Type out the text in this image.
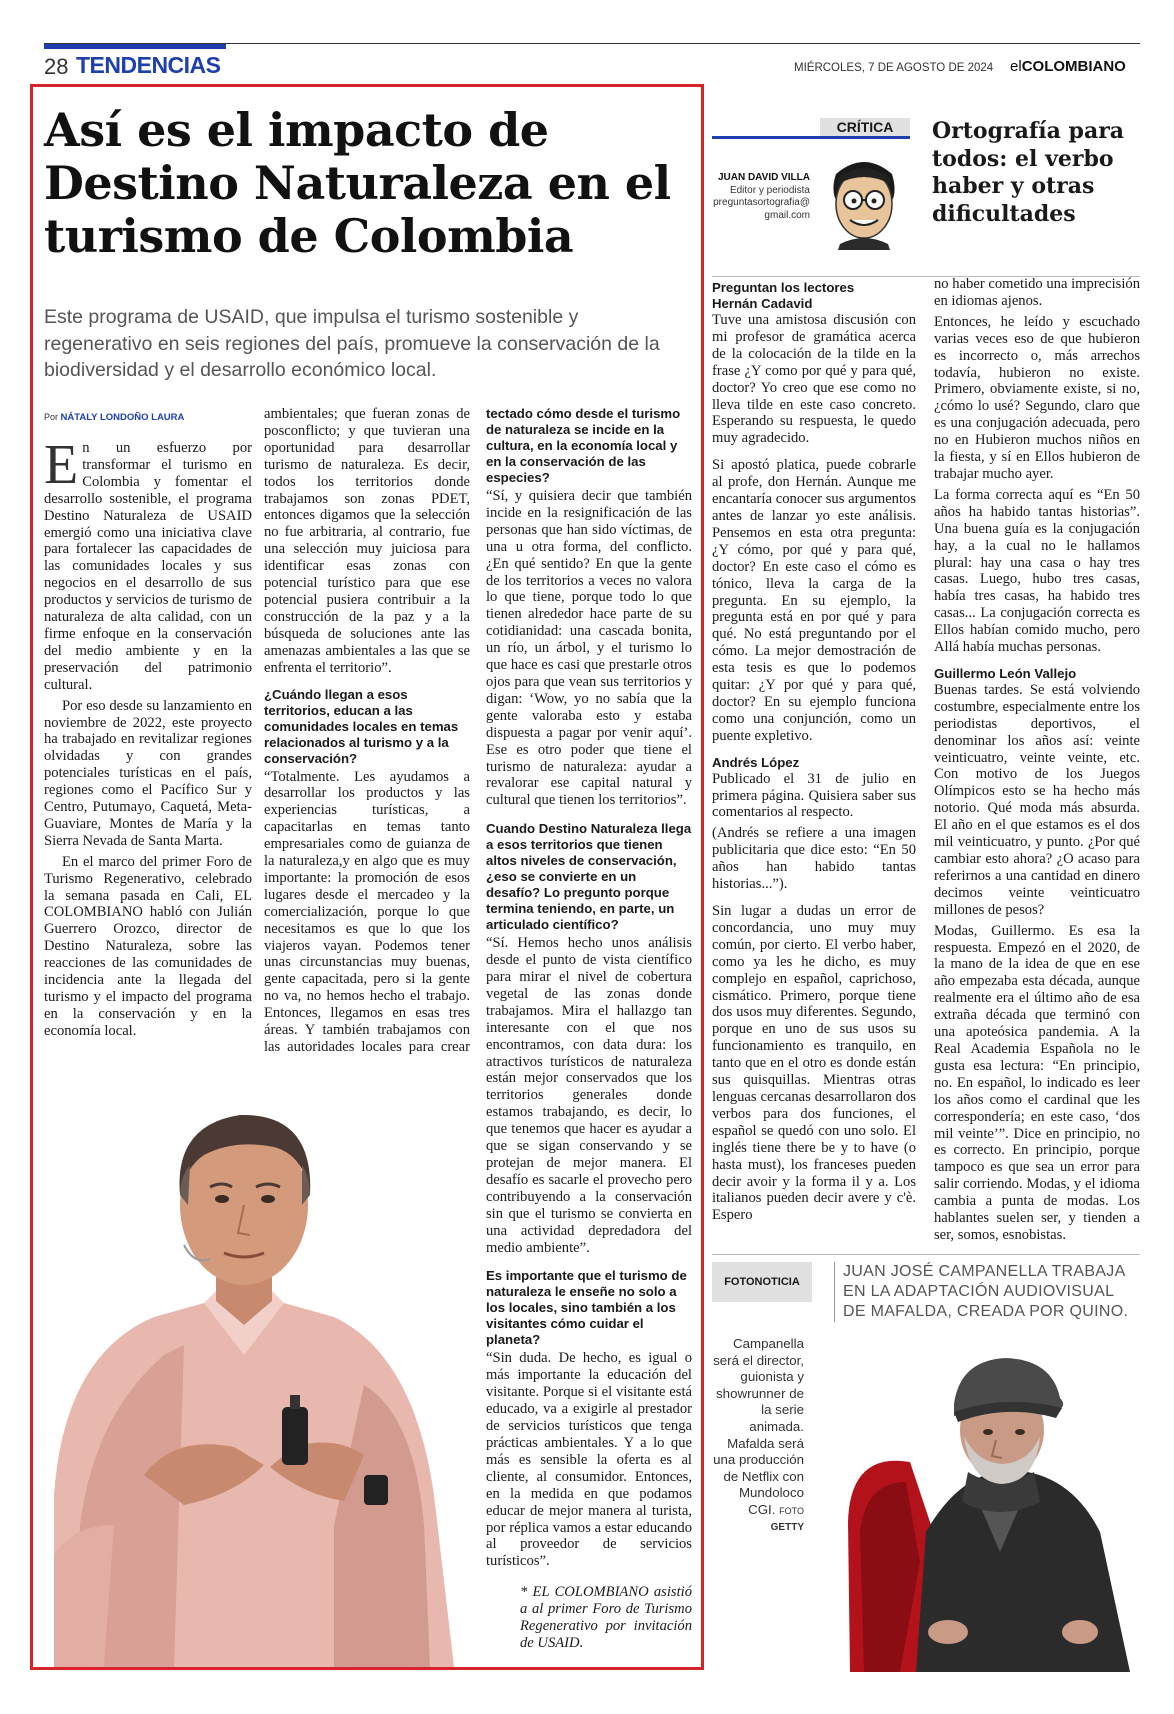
28 TENDENCIAS	MIÉRCOLES, 7 DE AGOSTO DE 2024 elCOLOMBIANO
Así es el impacto de Destino Naturaleza en el turismo de Colombia

Este programa de USAID, que impulsa el turismo sostenible y regenerativo en seis regiones del país, promueve la conservación de la biodiversidad y el desarrollo económico local.

Por NÁTALY LONDOÑO LAURA

En un esfuerzo por transformar el turismo en Colombia y fomentar el desarrollo sostenible, el programa Destino Naturaleza de USAID emergió como una iniciativa clave para fortalecer las capacidades de las comunidades locales y sus negocios en el desarrollo de sus productos y servicios de turismo de naturaleza de alta calidad, con un firme enfoque en la conservación del medio ambiente y en la preservación del patrimonio cultural.

Por eso desde su lanzamiento en noviembre de 2022, este proyecto ha trabajado en revitalizar regiones olvidadas y con grandes potenciales turísticas en el país, regiones como el Pacífico Sur y Centro, Putumayo, Caquetá, Meta-Guaviare, Montes de María y la Sierra Nevada de Santa Marta.

En el marco del primer Foro de Turismo Regenerativo, celebrado la semana pasada en Cali, EL COLOMBIANO habló con Julián Guerrero Orozco, director de Destino Naturaleza, sobre las reacciones de las comunidades de incidencia ante la llegada del turismo y el impacto del programa en la conservación y en la economía local.

ambientales; que fueran zonas de posconflicto; y que tuvieran una oportunidad para desarrollar turismo de naturaleza. Es decir, todos los territorios donde trabajamos son zonas PDET, entonces digamos que la selección no fue arbitraria, al contrario, fue una selección muy juiciosa para identificar esas zonas con potencial turístico para que ese potencial pusiera contribuir a la construcción de la paz y a la búsqueda de soluciones ante las amenazas ambientales a las que se enfrenta el territorio”.

¿Cuándo llegan a esos territorios, educan a las comunidades locales en temas relacionados al turismo y a la conservación?

“Totalmente. Les ayudamos a desarrollar los productos y las experiencias turísticas, a capacitarlas en temas tanto empresariales como de guianza de la naturaleza,y en algo que es muy importante: la promoción de esos lugares desde el mercadeo y la comercialización, porque lo que necesitamos es que lo que los viajeros vayan. Podemos tener unas circunstancias muy buenas, gente capacitada, pero si la gente no va, no hemos hecho el trabajo. Entonces, llegamos en esas tres áreas. Y también trabajamos con las autoridades locales para crear

tectado cómo desde el turismo de naturaleza se incide en la cultura, en la economía local y en la conservación de las especies?

“Sí, y quisiera decir que también incide en la resignificación de las personas que han sido víctimas, de una u otra forma, del conflicto. ¿En qué sentido? En que la gente de los territorios a veces no valora lo que tiene, porque todo lo que tienen alrededor hace parte de su cotidianidad: una cascada bonita, un río, un árbol, y el turismo lo que hace es casi que prestarle otros ojos para que vean sus territorios y digan: ‘Wow, yo no sabía que la gente valoraba esto y estaba dispuesta a pagar por venir aquí’. Ese es otro poder que tiene el turismo de naturaleza: ayudar a revalorar ese capital natural y cultural que tienen los territorios”.

Cuando Destino Naturaleza llega a esos territorios que tienen altos niveles de conservación, ¿eso se convierte en un desafío? Lo pregunto porque termina teniendo, en parte, un articulado científico?

“Sí. Hemos hecho unos análisis desde el punto de vista científico para mirar el nivel de cobertura vegetal de las zonas donde trabajamos. Mira el hallazgo tan interesante con el que nos encontramos, con data dura: los atractivos turísticos de naturaleza están mejor conservados que los territorios generales donde estamos trabajando, es decir, lo que tenemos que hacer es ayudar a que se sigan conservando y se protejan de mejor manera. El desafío es sacarle el provecho pero contribuyendo a la conservación sin que el turismo se convierta en una actividad depredadora del medio ambiente”.

Es importante que el turismo de naturaleza le enseñe no solo a los locales, sino también a los visitantes cómo cuidar el planeta?

“Sin duda. De hecho, es igual o más importante la educación del visitante. Porque si el visitante está educado, va a exigirle al prestador de servicios turísticos que tenga prácticas ambientales. Y a lo que más es sensible la oferta es al cliente, al consumidor. Entonces, en la medida en que podamos educar de mejor manera al turista, por réplica vamos a estar educando al proveedor de servicios turísticos”.

* EL COLOMBIANO asistió a al primer Foro de Turismo Regenerativo por invitación de USAID.

CRÍTICA
JUAN DAVID VILLA
Editor y periodista
preguntasortografia@gmail.com
Ortografía para todos: el verbo haber y otras dificultades
Preguntan los lectores
Hernán Cadavid

Tuve una amistosa discusión con mi profesor de gramática acerca de la colocación de la tilde en la frase ¿Y como por qué y para qué, doctor? Yo creo que ese como no lleva tilde en este caso concreto. Esperando su respuesta, le quedo muy agradecido.

Si apostó platica, puede cobrarle al profe, don Hernán. Aunque me encantaría conocer sus argumentos antes de lanzar yo este análisis. Pensemos en esta otra pregunta: ¿Y cómo, por qué y para qué, doctor? En este caso el cómo es tónico, lleva la carga de la pregunta. En su ejemplo, la pregunta está en por qué y para qué. No está preguntando por el cómo. La mejor demostración de esta tesis es que lo podemos quitar: ¿Y por qué y para qué, doctor? En su ejemplo funciona como una conjunción, como un puente expletivo.

Andrés López

Publicado el 31 de julio en primera página. Quisiera saber sus comentarios al respecto.

(Andrés se refiere a una imagen publicitaria que dice esto: “En 50 años han habido tantas historias...”).

Sin lugar a dudas un error de concordancia, uno muy muy común, por cierto. El verbo haber, como ya les he dicho, es muy complejo en español, caprichoso, cismático. Primero, porque tiene dos usos muy diferentes. Segundo, porque en uno de sus usos su funcionamiento es tranquilo, en tanto que en el otro es donde están sus quisquillas. Mientras otras lenguas cercanas desarrollaron dos verbos para dos funciones, el español se quedó con uno solo. El inglés tiene there be y to have (o hasta must), los franceses pueden decir avoir y la forma il y a. Los italianos pueden decir avere y c'è. Espero

no haber cometido una imprecisión en idiomas ajenos.

Entonces, he leído y escuchado varias veces eso de que hubieron es incorrecto o, más arrechos todavía, hubieron no existe. Primero, obviamente existe, si no, ¿cómo lo usé? Segundo, claro que es una conjugación adecuada, pero no en Hubieron muchos niños en la fiesta, y sí en Ellos hubieron de trabajar mucho ayer.

La forma correcta aquí es “En 50 años ha habido tantas historias”. Una buena guía es la conjugación hay, a la cual no le hallamos plural: hay una casa o hay tres casas. Luego, hubo tres casas, había tres casas, ha habido tres casas... La conjugación correcta es Ellos habían comido mucho, pero Allá había muchas personas.

Guillermo León Vallejo

Buenas tardes. Se está volviendo costumbre, especialmente entre los periodistas deportivos, el denominar los años así: veinte veinticuatro, veinte veinte, etc. Con motivo de los Juegos Olímpicos esto se ha hecho más notorio. Qué moda más absurda. El año en el que estamos es el dos mil veinticuatro, y punto. ¿Por qué cambiar esto ahora? ¿O acaso para referirnos a una cantidad en dinero decimos veinte veinticuatro millones de pesos?

Modas, Guillermo. Es esa la respuesta. Empezó en el 2020, de la mano de la idea de que en ese año empezaba esta década, aunque realmente era el último año de esa extraña década que terminó con una apoteósica pandemia. A la Real Academia Española no le gusta esa lectura: “En principio, no. En español, lo indicado es leer los años como el cardinal que les correspondería; en este caso, ‘dos mil veinte’”. Dice en principio, no es correcto. En principio, porque tampoco es que sea un error para salir corriendo. Modas, y el idioma cambia a punta de modas. Los hablantes suelen ser, y tienden a ser, somos, esnobistas.

FOTONOTICIA
JUAN JOSÉ CAMPANELLA TRABAJA EN LA ADAPTACIÓN AUDIOVISUAL DE MAFALDA, CREADA POR QUINO.
Campanella será el director, guionista y showrunner de la serie animada. Mafalda será una producción de Netflix con Mundoloco CGI. FOTO
GETTY
